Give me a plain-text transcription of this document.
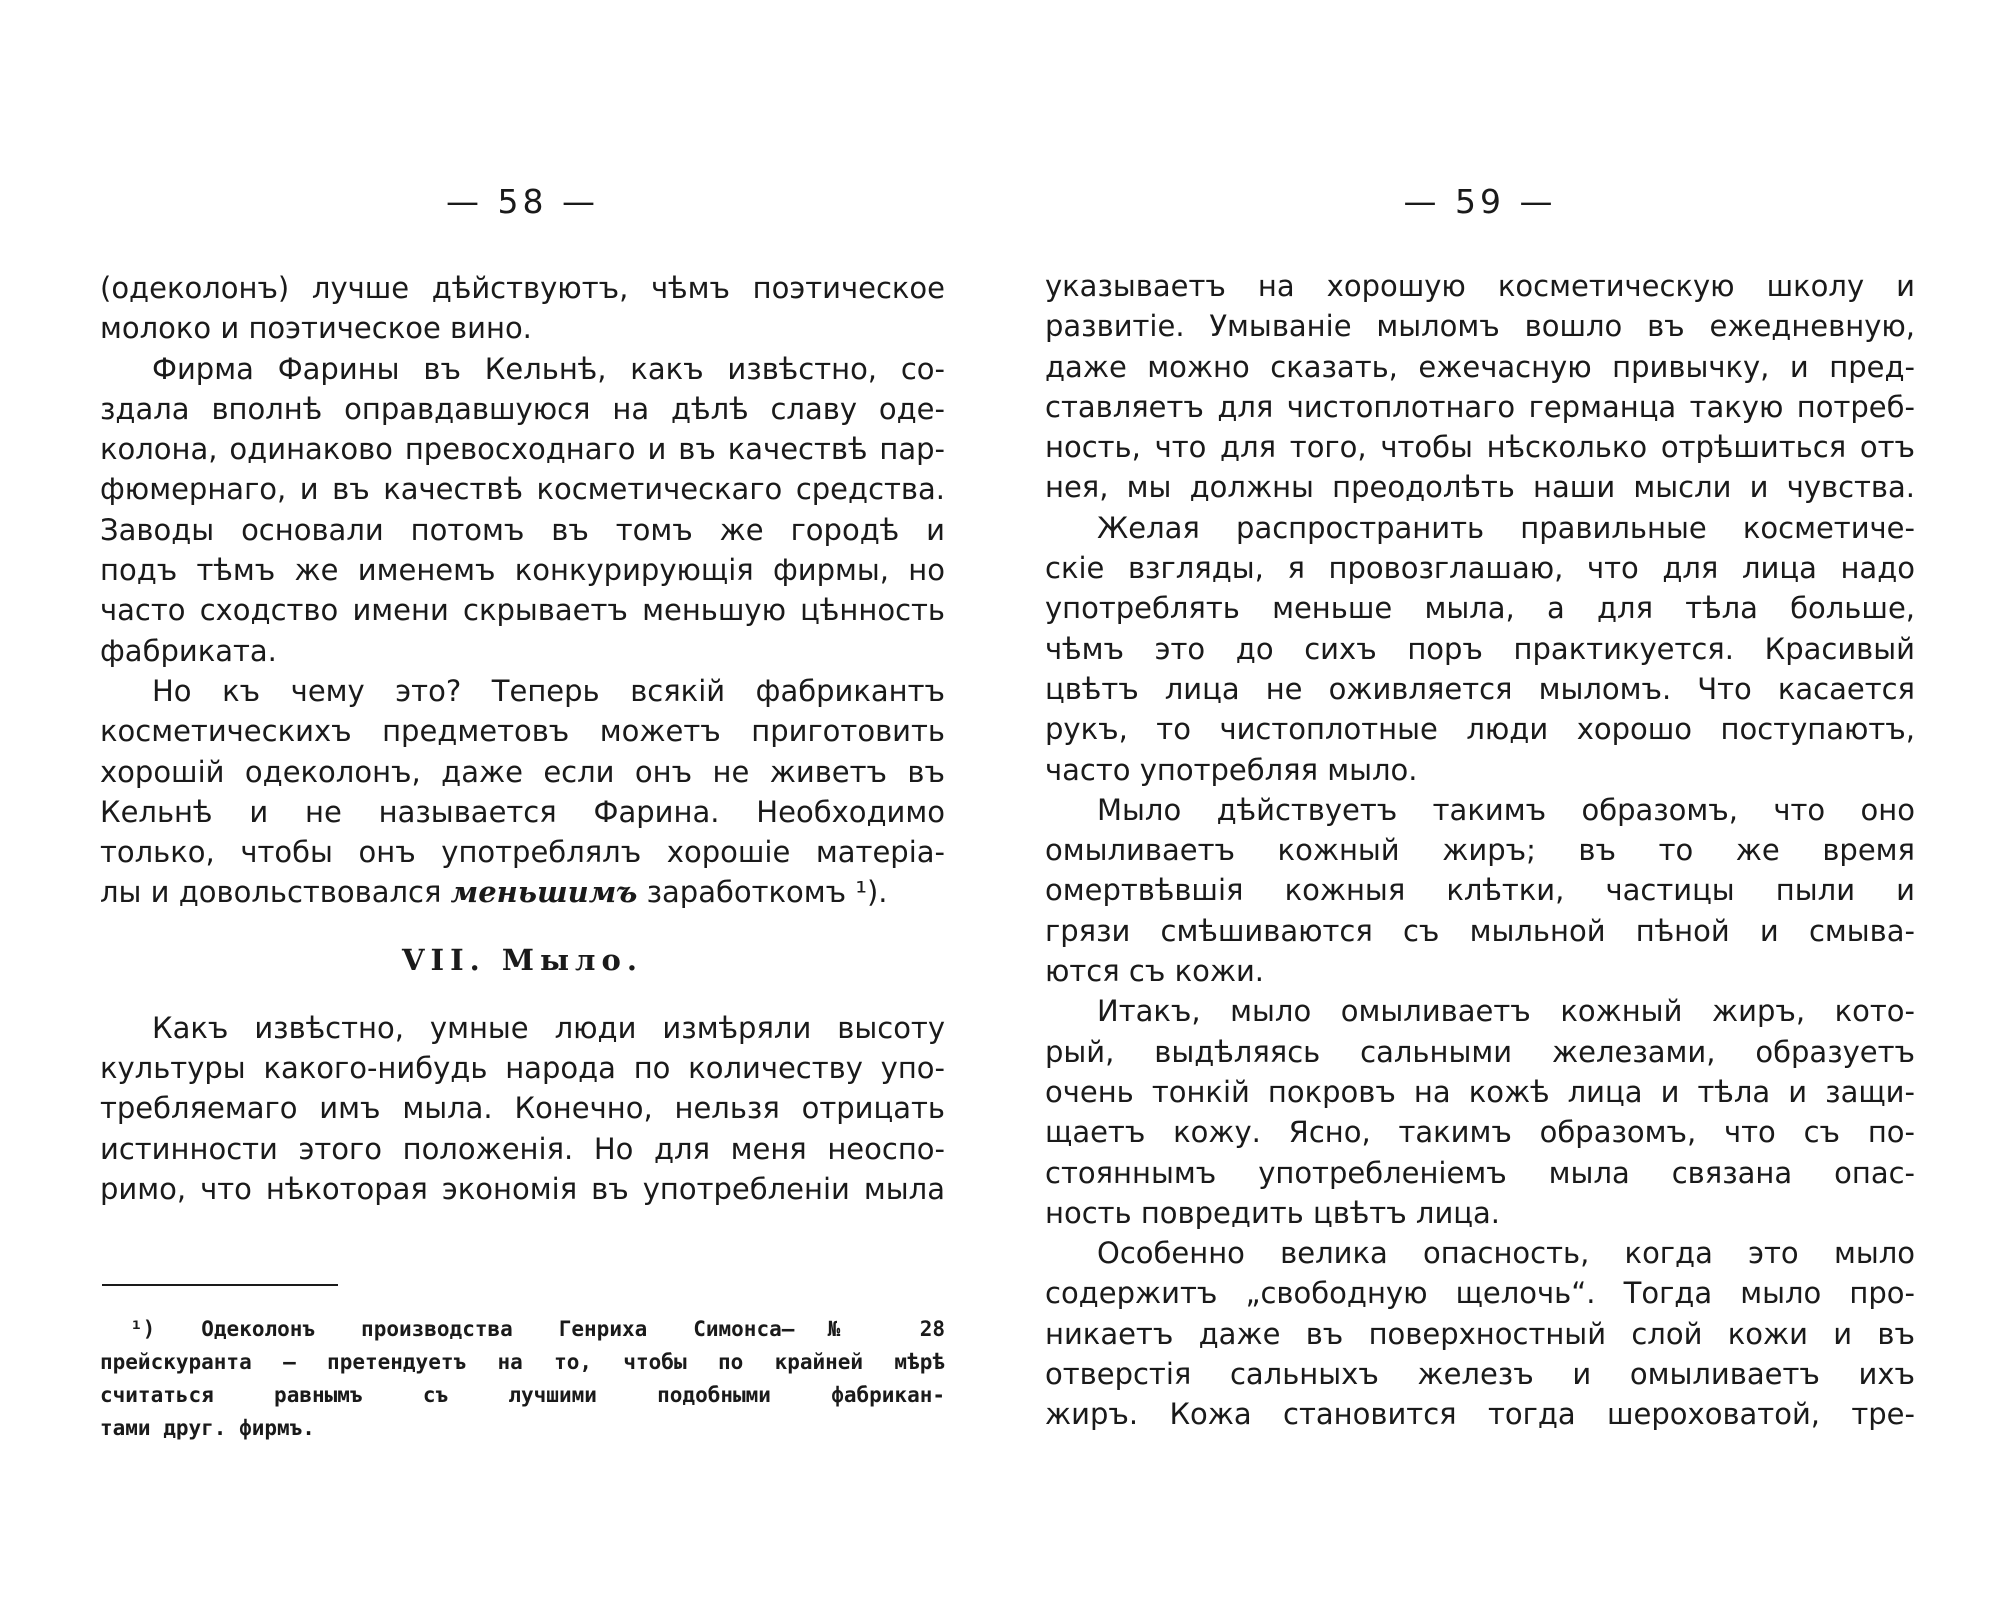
— 58 —
(одеколонъ) лучше дѣйствуютъ, чѣмъ поэтическое
молоко и поэтическое вино.
Фирма Фарины въ Кельнѣ, какъ извѣстно, со-
здала вполнѣ оправдавшуюся на дѣлѣ славу оде-
колона, одинаково превосходнаго и въ качествѣ пар-
фюмернаго, и въ качествѣ косметическаго средства.
Заводы основали потомъ въ томъ же городѣ и
подъ тѣмъ же именемъ конкурирующія фирмы, но
часто сходство имени скрываетъ меньшую цѣнность
фабриката.
Но къ чему это? Теперь всякій фабрикантъ
косметическихъ предметовъ можетъ приготовить
хорошій одеколонъ, даже если онъ не живетъ въ
Кельнѣ и не называется Фарина. Необходимо
только, чтобы онъ употреблялъ хорошіе матеріа-
лы и довольствовался меньшимъ заработкомъ ¹).
VII. Мыло.
Какъ извѣстно, умные люди измѣряли высоту
культуры какого-нибудь народа по количеству упо-
требляемаго имъ мыла. Конечно, нельзя отрицать
истинности этого положенія. Но для меня неоспо-
римо, что нѣкоторая экономія въ употребленіи мыла
¹) Одеколонъ производства Генриха Симонса—№ 28
прейскуранта — претендуетъ на то, чтобы по крайней мѣрѣ
считаться равнымъ съ лучшими подобными фабрикан-
тами друг. фирмъ.
— 59 —
указываетъ на хорошую косметическую школу и
развитіе. Умываніе мыломъ вошло въ ежедневную,
даже можно сказать, ежечасную привычку, и пред-
ставляетъ для чистоплотнаго германца такую потреб-
ность, что для того, чтобы нѣсколько отрѣшиться отъ
нея, мы должны преодолѣть наши мысли и чувства.
Желая распространить правильные косметиче-
скіе взгляды, я провозглашаю, что для лица надо
употреблять меньше мыла, а для тѣла больше,
чѣмъ это до сихъ поръ практикуется. Красивый
цвѣтъ лица не оживляется мыломъ. Что касается
рукъ, то чистоплотные люди хорошо поступаютъ,
часто употребляя мыло.
Мыло дѣйствуетъ такимъ образомъ, что оно
омыливаетъ кожный жиръ; въ то же время
омертвѣвшія кожныя клѣтки, частицы пыли и
грязи смѣшиваются съ мыльной пѣной и смыва-
ются съ кожи.
Итакъ, мыло омыливаетъ кожный жиръ, кото-
рый, выдѣляясь сальными железами, образуетъ
очень тонкій покровъ на кожѣ лица и тѣла и защи-
щаетъ кожу. Ясно, такимъ образомъ, что съ по-
стояннымъ употребленіемъ мыла связана опас-
ность повредить цвѣтъ лица.
Особенно велика опасность, когда это мыло
содержитъ „свободную щелочь“. Тогда мыло про-
никаетъ даже въ поверхностный слой кожи и въ
отверстія сальныхъ железъ и омыливаетъ ихъ
жиръ. Кожа становится тогда шероховатой, тре-
